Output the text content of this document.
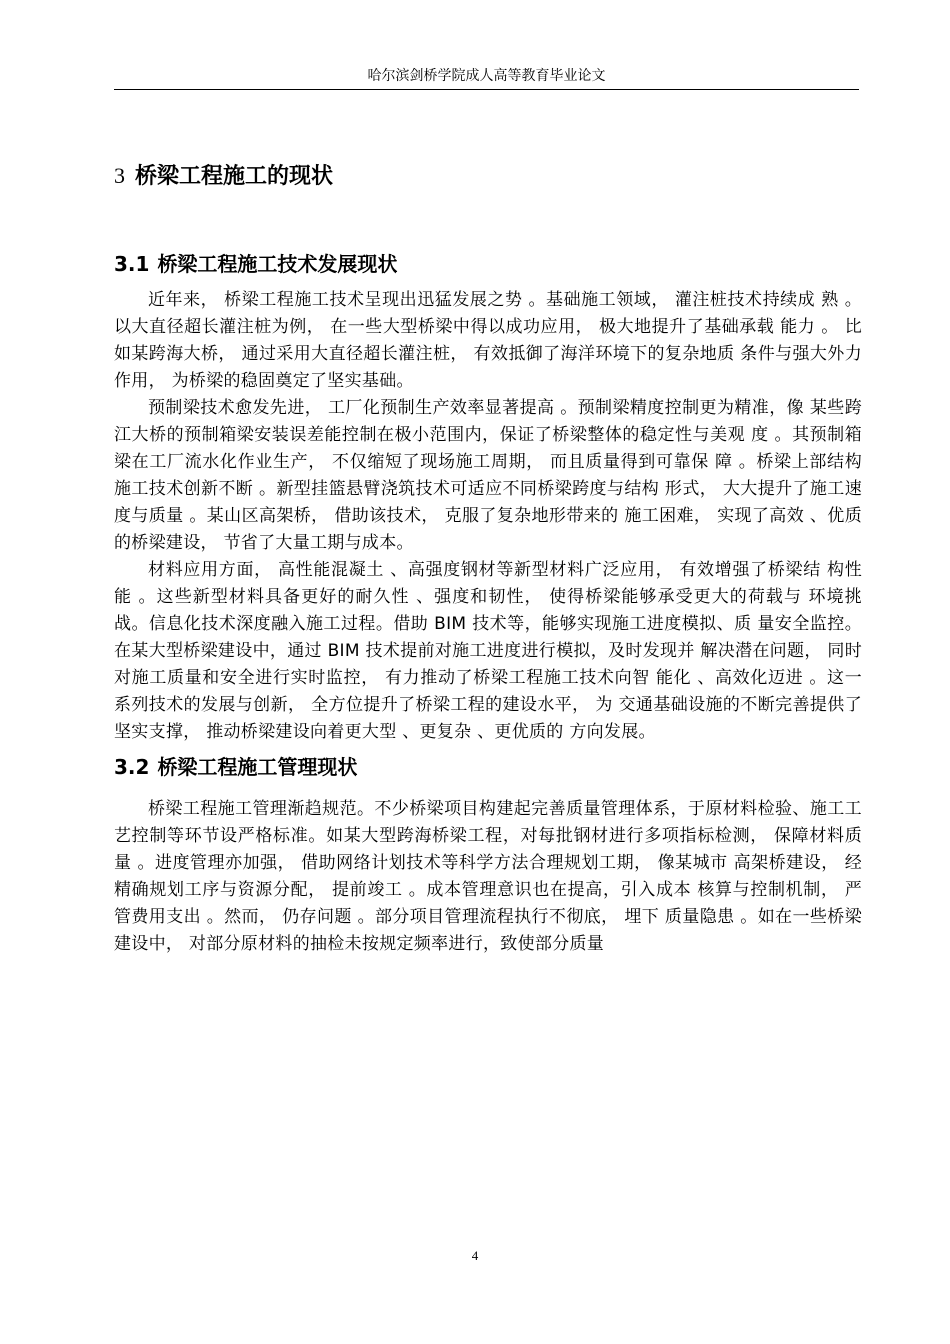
哈尔滨剑桥学院成人高等教育毕业论文
3 桥梁工程施工的现状
3.1 桥梁工程施工技术发展现状

近年来， 桥梁工程施工技术呈现出迅猛发展之势 。基础施工领域， 灌注桩技术持续成 熟 。 以大直径超长灌注桩为例， 在一些大型桥梁中得以成功应用， 极大地提升了基础承载 能力 。 比如某跨海大桥， 通过采用大直径超长灌注桩， 有效抵御了海洋环境下的复杂地质 条件与强大外力作用， 为桥梁的稳固奠定了坚实基础。

预制梁技术愈发先进， 工厂化预制生产效率显著提高 。预制梁精度控制更为精准，像 某些跨江大桥的预制箱梁安装误差能控制在极小范围内，保证了桥梁整体的稳定性与美观 度 。其预制箱梁在工厂流水化作业生产， 不仅缩短了现场施工周期， 而且质量得到可靠保 障 。桥梁上部结构施工技术创新不断 。新型挂篮悬臂浇筑技术可适应不同桥梁跨度与结构 形式， 大大提升了施工速度与质量 。某山区高架桥， 借助该技术， 克服了复杂地形带来的 施工困难， 实现了高效 、优质的桥梁建设， 节省了大量工期与成本。

材料应用方面， 高性能混凝土 、高强度钢材等新型材料广泛应用， 有效增强了桥梁结 构性能 。这些新型材料具备更好的耐久性 、强度和韧性， 使得桥梁能够承受更大的荷载与 环境挑战。信息化技术深度融入施工过程。借助 BIM 技术等，能够实现施工进度模拟、质 量安全监控。在某大型桥梁建设中，通过 BIM 技术提前对施工进度进行模拟，及时发现并 解决潜在问题， 同时对施工质量和安全进行实时监控， 有力推动了桥梁工程施工技术向智 能化 、高效化迈进 。这一系列技术的发展与创新， 全方位提升了桥梁工程的建设水平， 为 交通基础设施的不断完善提供了坚实支撑， 推动桥梁建设向着更大型 、更复杂 、更优质的 方向发展。

3.2 桥梁工程施工管理现状

桥梁工程施工管理渐趋规范。不少桥梁项目构建起完善质量管理体系，于原材料检验、施工工艺控制等环节设严格标准。如某大型跨海桥梁工程，对每批钢材进行多项指标检测， 保障材料质量 。进度管理亦加强， 借助网络计划技术等科学方法合理规划工期， 像某城市 高架桥建设， 经精确规划工序与资源分配， 提前竣工 。成本管理意识也在提高，引入成本 核算与控制机制， 严管费用支出 。然而， 仍存问题 。部分项目管理流程执行不彻底， 埋下 质量隐患 。如在一些桥梁建设中， 对部分原材料的抽检未按规定频率进行，致使部分质量

4
